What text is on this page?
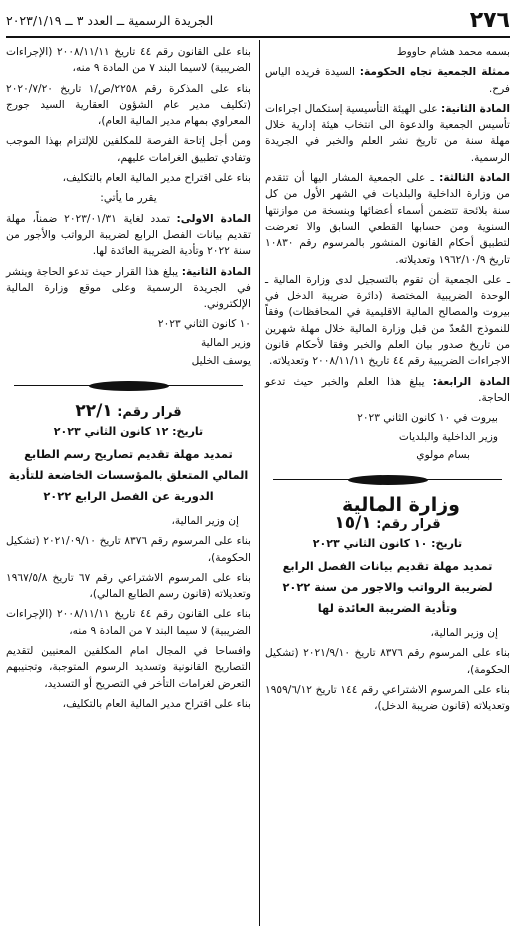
الجريدة الرسمية ــ العدد ٣ ــ ٢٠٢٣/١/١٩	٢٧٦

بسمه محمد هشام حاووط

ممثلة الجمعية تجاه الحكومة: السيدة فريده الياس فرح.

المادة الثانية: على الهيئة التأسيسية إستكمال اجراءات تأسيس الجمعية والدعوة الى انتخاب هيئة إدارية خلال مهلة سنة من تاريخ نشر العلم والخبر في الجريدة الرسمية.

المادة الثالثة: ـ على الجمعية المشار اليها أن تتقدم من وزارة الداخلية والبلديات في الشهر الأول من كل سنة بلائحة تتضمن أسماء أعضائها وبنسخة من موازنتها السنوية ومن حسابها القطعي السابق والا تعرضت لتطبيق أحكام القانون المنشور بالمرسوم رقم ١٠٨٣٠ تاريخ ١٩٦٢/١٠/٩ وتعديلاته.

ـ على الجمعية أن تقوم بالتسجيل لدى وزارة المالية ـ الوحدة الضريبية المختصة (دائرة ضريبة الدخل في بيروت والمصالح المالية الاقليمية في المحافظات) وفقاً للنموذج المُعدّ من قبل وزارة المالية خلال مهلة شهرين من تاريخ صدور بيان العلم والخبر وفقا لأحكام قانون الاجراءات الضريبية رقم ٤٤ تاريخ ٢٠٠٨/١١/١١ وتعديلاته.

المادة الرابعة: يبلغ هذا العلم والخبر حيث تدعو الحاجة.

بيروت في ١٠ كانون الثاني ٢٠٢٣

وزير الداخلية والبلديات

بسام مولوي

وزارة المالية
قرار رقم: ١٥/١
تاريخ: ١٠ كانون الثاني ٢٠٢٣
تمديد مهلة تقديم بيانات الفصل الرابع لضريبة الرواتب والاجور من سنة ٢٠٢٢ وتأدية الضريبة العائدة لها

إن وزير المالية،

بناء على المرسوم رقم ٨٣٧٦ تاريخ ٢٠٢١/٩/١٠ (تشكيل الحكومة)،

بناء على المرسوم الاشتراعي رقم ١٤٤ تاريخ ١٩٥٩/٦/١٢ وتعديلاته (قانون ضريبة الدخل)،

بناء على القانون رقم ٤٤ تاريخ ٢٠٠٨/١١/١١ (الإجراءات الضريبية) لاسيما البند ٧ من المادة ٩ منه،

بناء على المذكرة رقم ٢٢٥٨/ص/١ تاريخ ٢٠٢٠/٧/٢٠ (تكليف مدير عام الشؤون العقارية السيد جورج المعراوي بمهام مدير المالية العام)،

ومن أجل إتاحة الفرصة للمكلفين للإلتزام بهذا الموجب وتفادي تطبيق الغرامات عليهم،

بناء على اقتراح مدير المالية العام بالتكليف،

يقرر ما يأتي:

المادة الاولى: تمدد لغاية ٢٠٢٣/٠١/٣١ ضمناً، مهلة تقديم بيانات الفصل الرابع لضريبة الرواتب والأجور من سنة ٢٠٢٢ وتأدية الضريبة العائدة لها.

المادة الثانية: يبلغ هذا القرار حيث تدعو الحاجة وينشر في الجريدة الرسمية وعلى موقع وزارة المالية الإلكتروني.

١٠ كانون الثاني ٢٠٢٣

وزير المالية

يوسف الخليل

قرار رقم: ٢٢/١
تاريخ: ١٢ كانون الثاني ٢٠٢٣
تمديد مهلة تقديم تصاريح رسم الطابع المالي المتعلق بالمؤسسات الخاضعة للتأدية الدورية عن الفصل الرابع ٢٠٢٢

إن وزير المالية،

بناء على المرسوم رقم ٨٣٧٦ تاريخ ٢٠٢١/٠٩/١٠ (تشكيل الحكومة)،

بناء على المرسوم الاشتراعي رقم ٦٧ تاريخ ١٩٦٧/٥/٨ وتعديلاته (قانون رسم الطابع المالي)،

بناء على القانون رقم ٤٤ تاريخ ٢٠٠٨/١١/١١ (الإجراءات الضريبية) لا سيما البند ٧ من المادة ٩ منه،

وافساحا في المجال امام المكلفين المعنيين لتقديم التصاريح القانونية وتسديد الرسوم المتوجبة، وتجنيبهم التعرض لغرامات التأخر في التصريح أو التسديد،

بناء على اقتراح مدير المالية العام بالتكليف،
